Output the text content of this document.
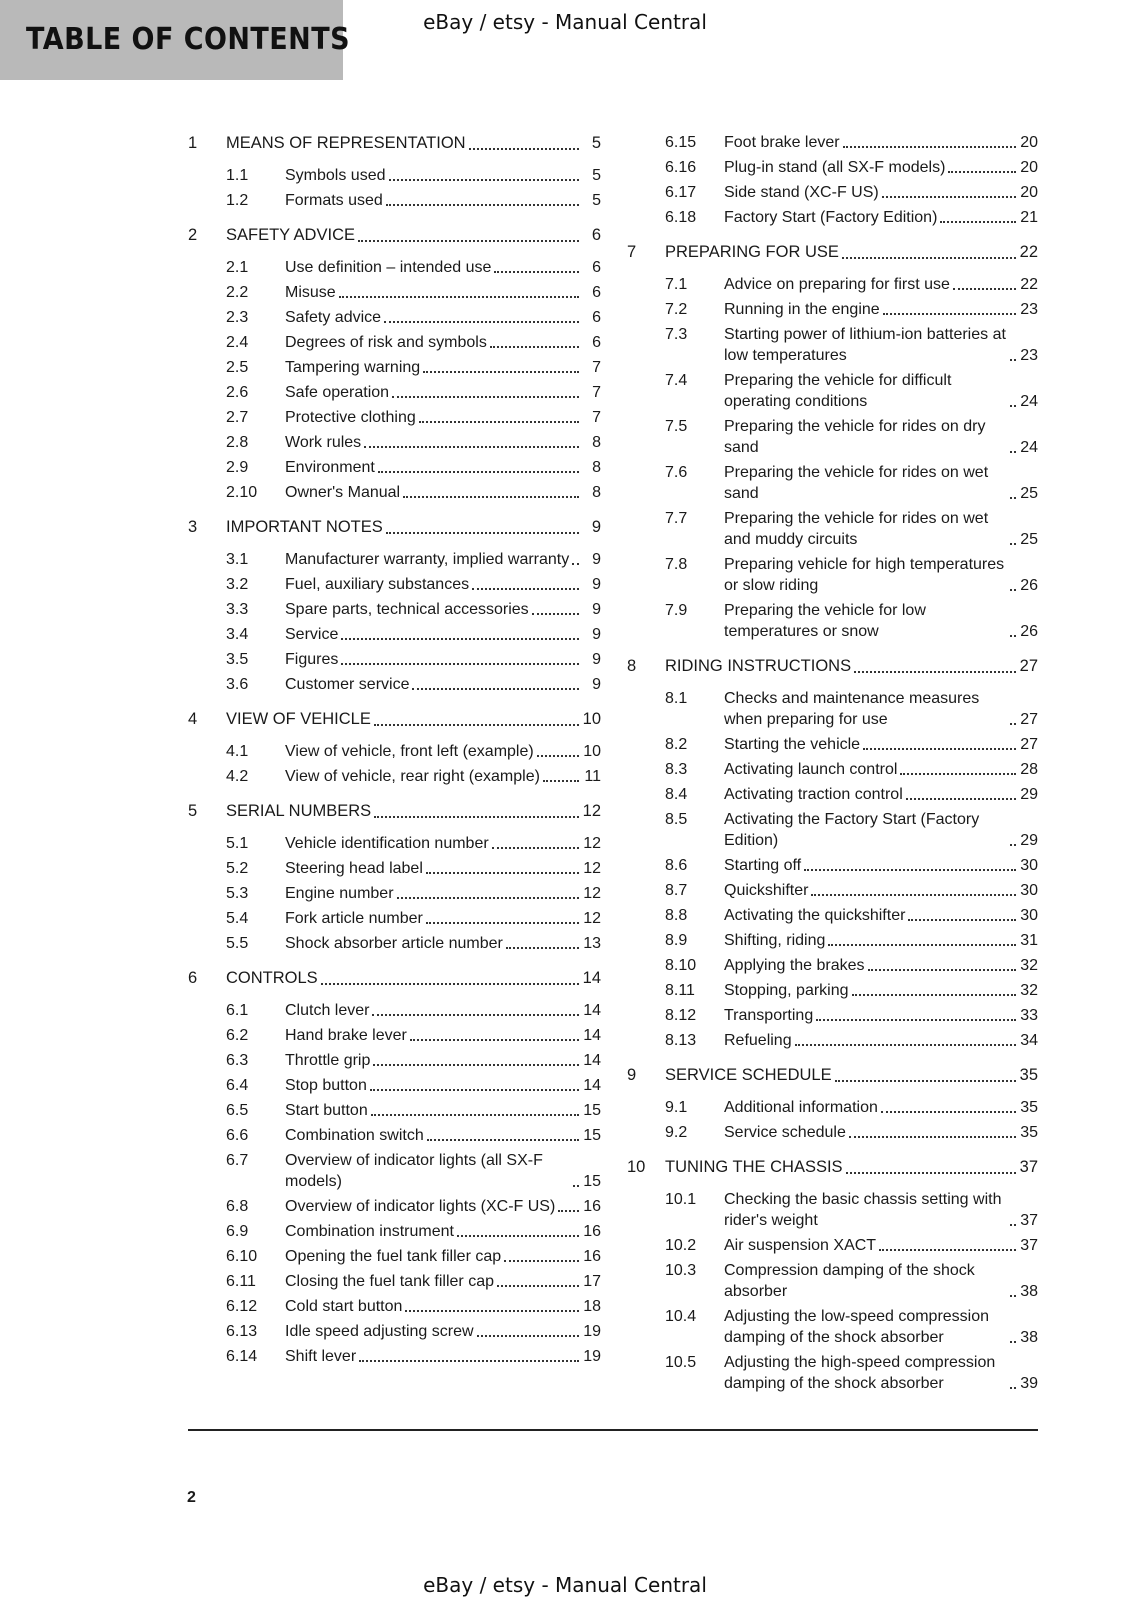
TABLE OF CONTENTS	eBay / etsy - Manual Central
1 MEANS OF REPRESENTATION	5
1.1 Symbols used	5
1.2 Formats used	5
2 SAFETY ADVICE	6
2.1 Use definition – intended use	6
2.2 Misuse	6
2.3 Safety advice	6
2.4 Degrees of risk and symbols	6
2.5 Tampering warning	7
2.6 Safe operation	7
2.7 Protective clothing	7
2.8 Work rules	8
2.9 Environment	8
2.10 Owner's Manual	8
3 IMPORTANT NOTES	9
3.1 Manufacturer warranty, implied warranty	9
3.2 Fuel, auxiliary substances	9
3.3 Spare parts, technical accessories	9
3.4 Service	9
3.5 Figures	9
3.6 Customer service	9
4 VIEW OF VEHICLE	10
4.1 View of vehicle, front left (example)	10
4.2 View of vehicle, rear right (example)	11
5 SERIAL NUMBERS	12
5.1 Vehicle identification number	12
5.2 Steering head label	12
5.3 Engine number	12
5.4 Fork article number	12
5.5 Shock absorber article number	13
6 CONTROLS	14
6.1 Clutch lever	14
6.2 Hand brake lever	14
6.3 Throttle grip	14
6.4 Stop button	14
6.5 Start button	15
6.6 Combination switch	15
6.7 Overview of indicator lights (all SX-F models)	15
6.8 Overview of indicator lights (XC-F US) 16
6.9 Combination instrument	16
6.10 Opening the fuel tank filler cap	16
6.11 Closing the fuel tank filler cap	17
6.12 Cold start button	18
6.13 Idle speed adjusting screw	19
6.14 Shift lever	19
6.15 Foot brake lever	20
6.16 Plug-in stand (all SX-F models)	20
6.17 Side stand (XC-F US)	20
6.18 Factory Start (Factory Edition)	21
7 PREPARING FOR USE	22
7.1 Advice on preparing for first use	22
7.2 Running in the engine	23
7.3 Starting power of lithium-ion batteries at low temperatures	23
7.4 Preparing the vehicle for difficult operating conditions	24
7.5 Preparing the vehicle for rides on dry sand	24
7.6 Preparing the vehicle for rides on wet sand	25
7.7 Preparing the vehicle for rides on wet and muddy circuits	25
7.8 Preparing vehicle for high temperatures or slow riding	26
7.9 Preparing the vehicle for low temperatures or snow	26
8 RIDING INSTRUCTIONS	27
8.1 Checks and maintenance measures when preparing for use	27
8.2 Starting the vehicle	27
8.3 Activating launch control	28
8.4 Activating traction control	29
8.5 Activating the Factory Start (Factory Edition)	29
8.6 Starting off	30
8.7 Quickshifter	30
8.8 Activating the quickshifter	30
8.9 Shifting, riding	31
8.10 Applying the brakes	32
8.11 Stopping, parking	32
8.12 Transporting	33
8.13 Refueling	34
9 SERVICE SCHEDULE	35
9.1 Additional information	35
9.2 Service schedule	35
10 TUNING THE CHASSIS	37
10.1 Checking the basic chassis setting with rider's weight	37
10.2 Air suspension XACT	37
10.3 Compression damping of the shock absorber	38
10.4 Adjusting the low-speed compression damping of the shock absorber	38
10.5 Adjusting the high-speed compression damping of the shock absorber	39
2
eBay / etsy - Manual Central
